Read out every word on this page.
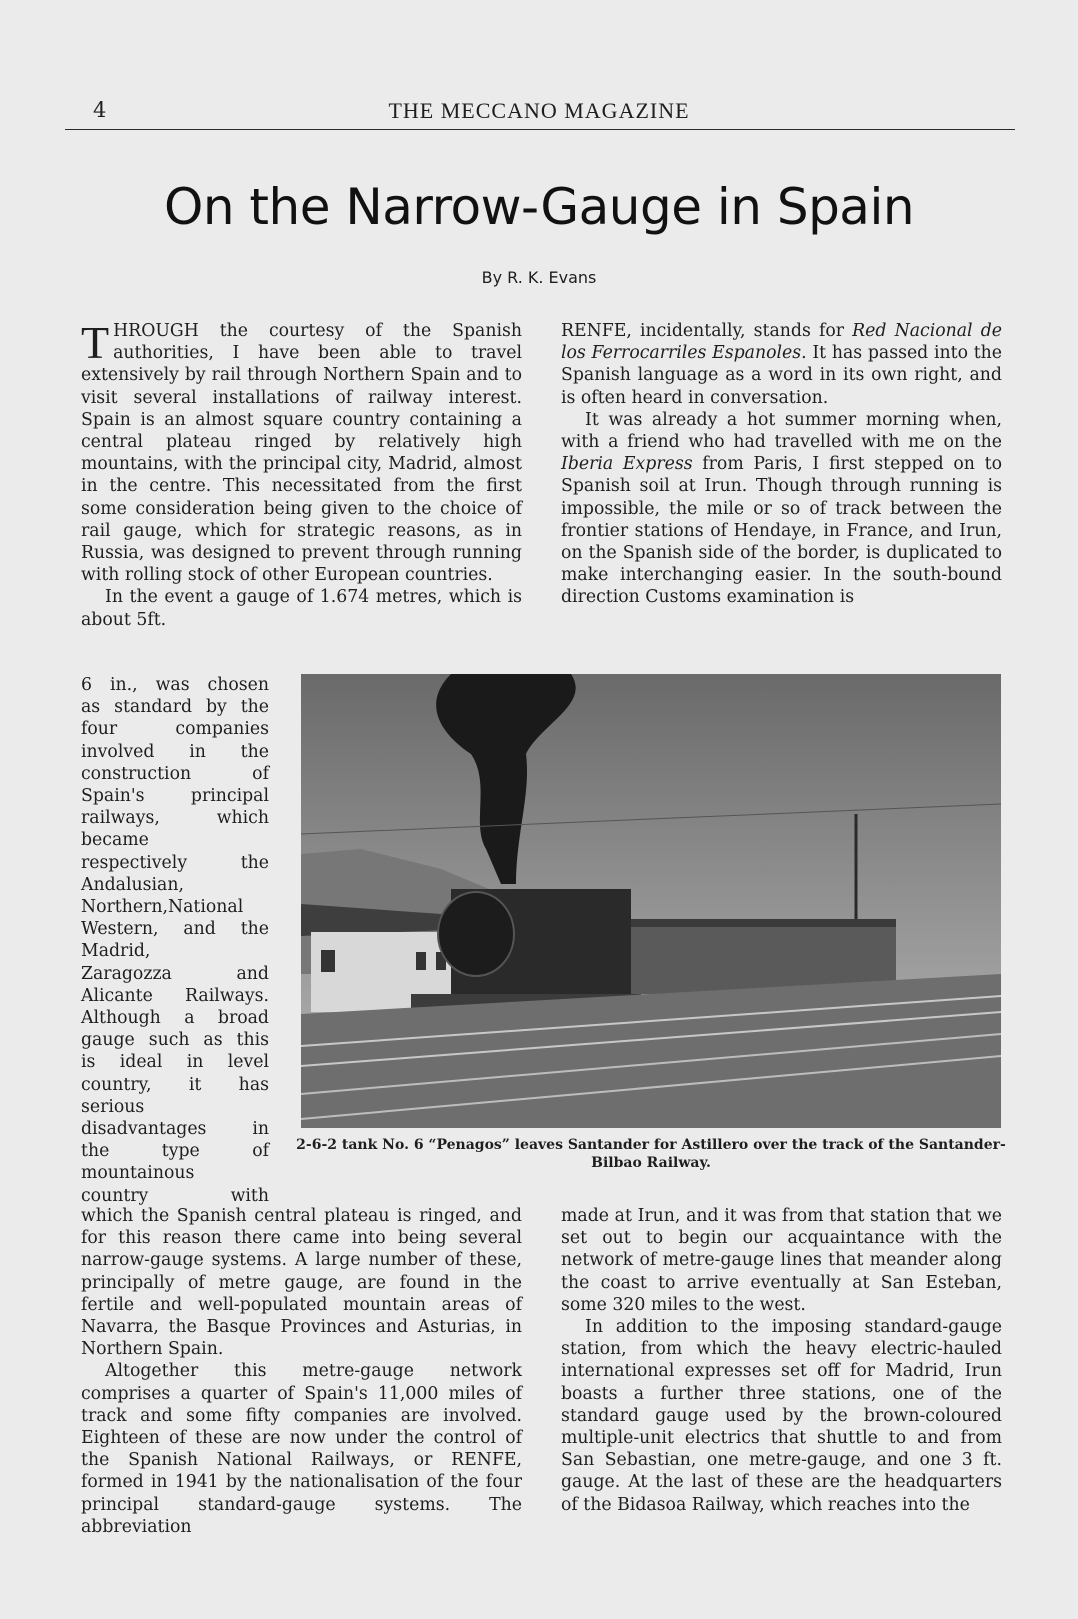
4	THE MECCANO MAGAZINE
On the Narrow-Gauge in Spain
By R. K. Evans

THROUGH the courtesy of the Spanish authorities, I have been able to travel extensively by rail through Northern Spain and to visit several installations of railway interest. Spain is an almost square country containing a central plateau ringed by relatively high mountains, with the principal city, Madrid, almost in the centre. This necessitated from the first some consideration being given to the choice of rail gauge, which for strategic reasons, as in Russia, was designed to prevent through running with rolling stock of other European countries.

In the event a gauge of 1.674 metres, which is about 5ft.

6 in., was chosen

as standard by the

four companies

involved in the

construction of

Spain's principal

railways, which

became

respectively the

Andalusian,

Northern,National

Western, and the

Madrid,

Zaragozza and

Alicante Railways.

Although a broad

gauge such as this

is ideal in level

country, it has

serious

disadvantages in

the type of

mountainous

country with

RENFE, incidentally, stands for Red Nacional de los Ferrocarriles Espanoles. It has passed into the Spanish language as a word in its own right, and is often heard in conversation.

It was already a hot summer morning when, with a friend who had travelled with me on the Iberia Express from Paris, I first stepped on to Spanish soil at Irun. Though through running is impossible, the mile or so of track between the frontier stations of Hendaye, in France, and Irun, on the Spanish side of the border, is duplicated to make interchanging easier. In the south-bound direction Customs examination is

2-6-2 tank No. 6 “Penagos” leaves Santander for Astillero over the track of the Santander-Bilbao Railway.

which the Spanish central plateau is ringed, and for this reason there came into being several narrow-gauge systems. A large number of these, principally of metre gauge, are found in the fertile and well-populated mountain areas of Navarra, the Basque Provinces and Asturias, in Northern Spain.

Altogether this metre-gauge network comprises a quarter of Spain's 11,000 miles of track and some fifty companies are involved. Eighteen of these are now under the control of the Spanish National Railways, or RENFE, formed in 1941 by the nationalisation of the four principal standard-gauge systems. The abbreviation

made at Irun, and it was from that station that we set out to begin our acquaintance with the network of metre-gauge lines that meander along the coast to arrive eventually at San Esteban, some 320 miles to the west.

In addition to the imposing standard-gauge station, from which the heavy electric-hauled international expresses set off for Madrid, Irun boasts a further three stations, one of the standard gauge used by the brown-coloured multiple-unit electrics that shuttle to and from San Sebastian, one metre-gauge, and one 3 ft. gauge. At the last of these are the headquarters of the Bidasoa Railway, which reaches into the
